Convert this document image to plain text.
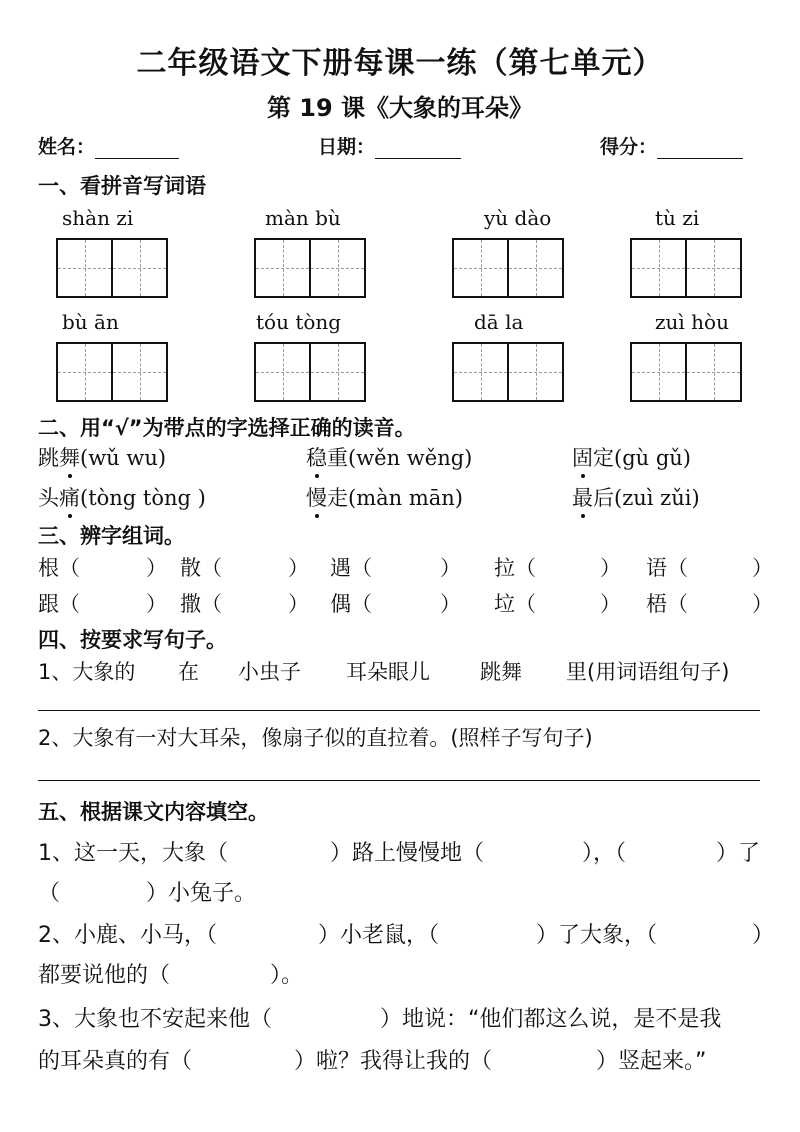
二年级语文下册每课一练（第七单元）
第 19 课《大象的耳朵》
姓名：	日期：	得分：
一、看拼音写词语
shàn zi	màn bù	yù dào	tù zi
bù ān	tóu tòng	dā la	zuì hòu
二、用“√”为带点的字选择正确的读音。
跳舞(wǔ wu)	稳重(wěn wěng)	固定(gù gǔ)
头痛(tòng tòng )	慢走(màn mān)	最后(zuì zǔi)
三、辨字组词。
根（	） 散（	） 遇（	） 拉（	） 语（	）
跟（	） 撒（	） 偶（	） 垃（	） 梧（	）
四、按要求写句子。
1、大象的 在 小虫子 耳朵眼儿 跳舞 里(用词语组句子)
2、大象有一对大耳朵，像扇子似的直拉着。(照样子写句子)
五、根据课文内容填空。
1、这一天，大象（	）路上慢慢地（	），（	）了
（	）小兔子。
2、小鹿、小马，（	）小老鼠，（	）了大象，（	）
都要说他的（	）。
3、大象也不安起来他（	）地说：“他们都这么说，是不是我
的耳朵真的有（	）啦？我得让我的（	）竖起来。”
